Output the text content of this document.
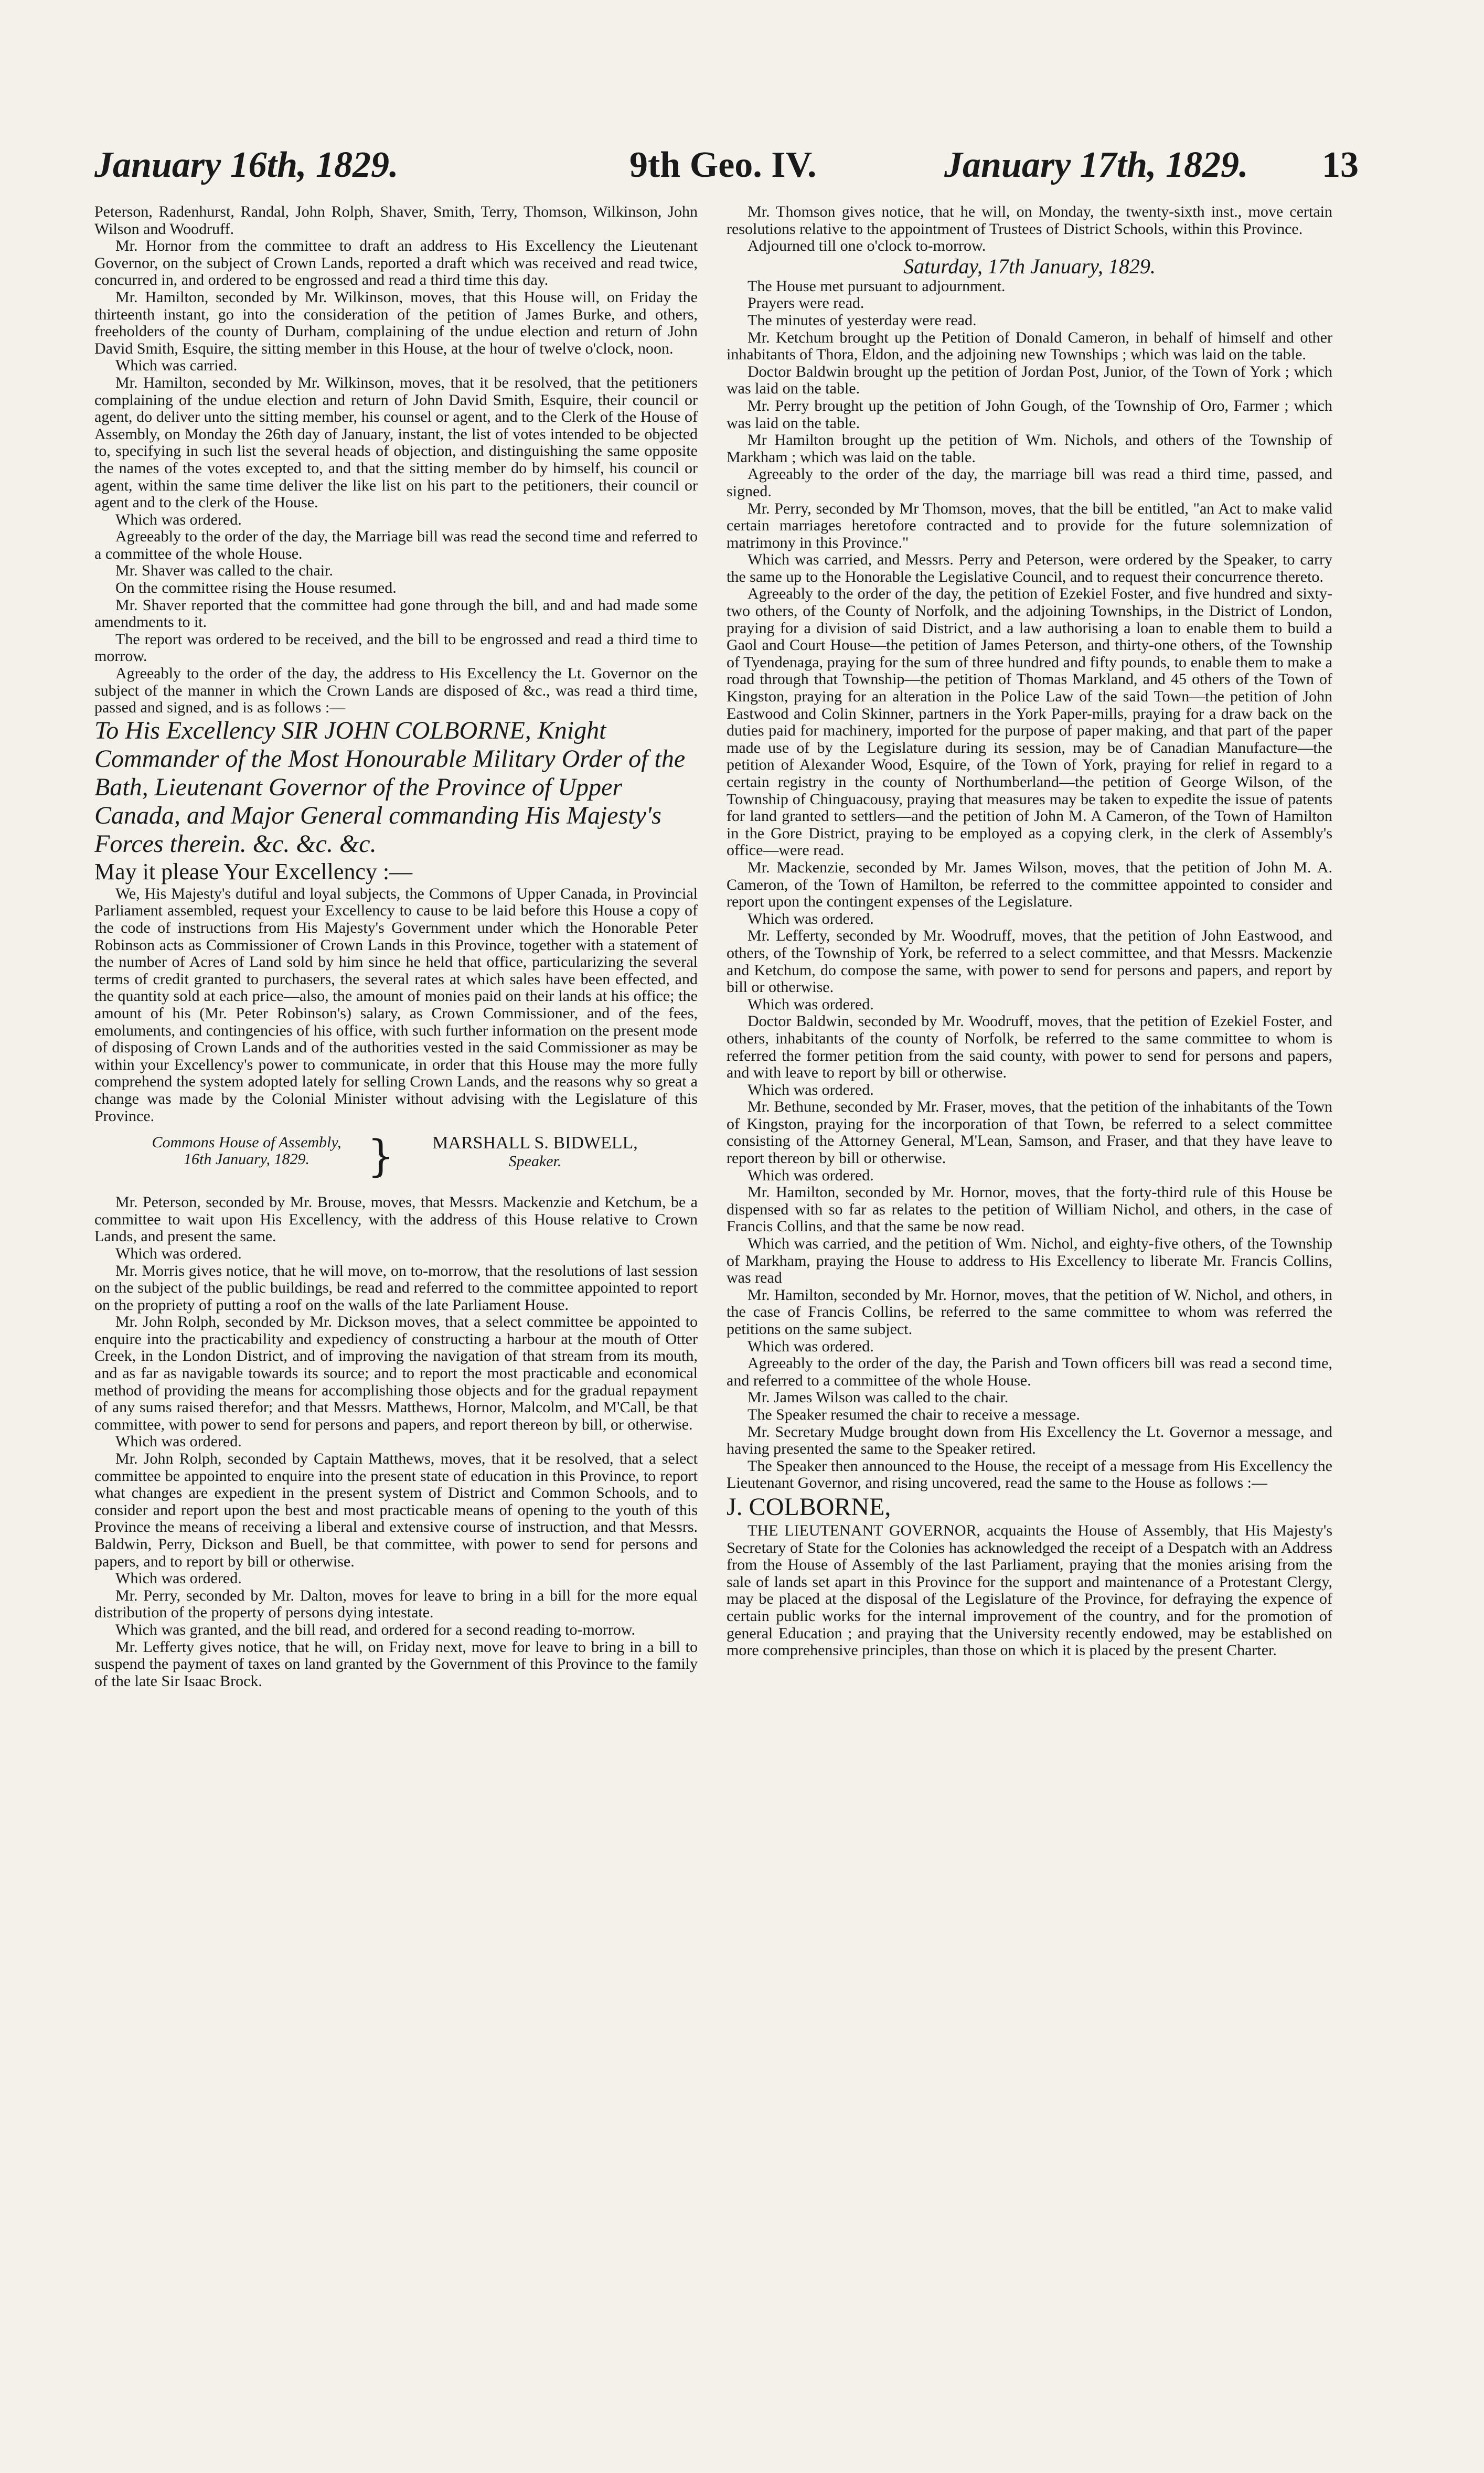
January 16th, 1829.	9th Geo. IV.	January 17th, 1829. 13

Peterson, Radenhurst, Randal, John Rolph, Shaver, Smith, Terry, Thomson, Wilkinson, John Wilson and Woodruff.

Mr. Hornor from the committee to draft an address to His Excellency the Lieutenant Governor, on the subject of Crown Lands, reported a draft which was received and read twice, concurred in, and ordered to be engrossed and read a third time this day.

Mr. Hamilton, seconded by Mr. Wilkinson, moves, that this House will, on Friday the thirteenth instant, go into the consideration of the petition of James Burke, and others, freeholders of the county of Durham, complaining of the undue election and return of John David Smith, Esquire, the sitting member in this House, at the hour of twelve o'clock, noon.

Which was carried.

Mr. Hamilton, seconded by Mr. Wilkinson, moves, that it be resolved, that the petitioners complaining of the undue election and return of John David Smith, Esquire, their council or agent, do deliver unto the sitting member, his counsel or agent, and to the Clerk of the House of Assembly, on Monday the 26th day of January, instant, the list of votes intended to be objected to, specifying in such list the several heads of objection, and distinguishing the same opposite the names of the votes excepted to, and that the sitting member do by himself, his council or agent, within the same time deliver the like list on his part to the petitioners, their council or agent and to the clerk of the House.

Which was ordered.

Agreeably to the order of the day, the Marriage bill was read the second time and referred to a committee of the whole House.

Mr. Shaver was called to the chair.

On the committee rising the House resumed.

Mr. Shaver reported that the committee had gone through the bill, and and had made some amendments to it.

The report was ordered to be received, and the bill to be engrossed and read a third time to morrow.

Agreeably to the order of the day, the address to His Excellency the Lt. Governor on the subject of the manner in which the Crown Lands are disposed of &c., was read a third time, passed and signed, and is as follows :—

To His Excellency SIR JOHN COLBORNE, Knight Commander of the Most Honourable Military Order of the Bath, Lieutenant Governor of the Province of Upper Canada, and Major General commanding His Majesty's Forces therein. &c. &c. &c.

May it please Your Excellency :—

We, His Majesty's dutiful and loyal subjects, the Commons of Upper Canada, in Provincial Parliament assembled, request your Excellency to cause to be laid before this House a copy of the code of instructions from His Majesty's Government under which the Honorable Peter Robinson acts as Commissioner of Crown Lands in this Province, together with a statement of the number of Acres of Land sold by him since he held that office, particularizing the several terms of credit granted to purchasers, the several rates at which sales have been effected, and the quantity sold at each price—also, the amount of monies paid on their lands at his office; the amount of his (Mr. Peter Robinson's) salary, as Crown Commissioner, and of the fees, emoluments, and contingencies of his office, with such further information on the present mode of disposing of Crown Lands and of the authorities vested in the said Commissioner as may be within your Excellency's power to communicate, in order that this House may the more fully comprehend the system adopted lately for selling Crown Lands, and the reasons why so great a change was made by the Colonial Minister without advising with the Legislature of this Province.

Commons House of Assembly,
16th January, 1829.	}	MARSHALL S. BIDWELL,
Speaker.

Mr. Peterson, seconded by Mr. Brouse, moves, that Messrs. Mackenzie and Ketchum, be a committee to wait upon His Excellency, with the address of this House relative to Crown Lands, and present the same.

Which was ordered.

Mr. Morris gives notice, that he will move, on to-morrow, that the resolutions of last session on the subject of the public buildings, be read and referred to the committee appointed to report on the propriety of putting a roof on the walls of the late Parliament House.

Mr. John Rolph, seconded by Mr. Dickson moves, that a select committee be appointed to enquire into the practicability and expediency of constructing a harbour at the mouth of Otter Creek, in the London District, and of improving the navigation of that stream from its mouth, and as far as navigable towards its source; and to report the most practicable and economical method of providing the means for accomplishing those objects and for the gradual repayment of any sums raised therefor; and that Messrs. Matthews, Hornor, Malcolm, and M'Call, be that committee, with power to send for persons and papers, and report thereon by bill, or otherwise.

Which was ordered.

Mr. John Rolph, seconded by Captain Matthews, moves, that it be resolved, that a select committee be appointed to enquire into the present state of education in this Province, to report what changes are expedient in the present system of District and Common Schools, and to consider and report upon the best and most practicable means of opening to the youth of this Province the means of receiving a liberal and extensive course of instruction, and that Messrs. Baldwin, Perry, Dickson and Buell, be that committee, with power to send for persons and papers, and to report by bill or otherwise.

Which was ordered.

Mr. Perry, seconded by Mr. Dalton, moves for leave to bring in a bill for the more equal distribution of the property of persons dying intestate.

Which was granted, and the bill read, and ordered for a second reading to-morrow.

Mr. Lefferty gives notice, that he will, on Friday next, move for leave to bring in a bill to suspend the payment of taxes on land granted by the Government of this Province to the family of the late Sir Isaac Brock.

Mr. Thomson gives notice, that he will, on Monday, the twenty-sixth inst., move certain resolutions relative to the appointment of Trustees of District Schools, within this Province.

Adjourned till one o'clock to-morrow.

Saturday, 17th January, 1829.

The House met pursuant to adjournment.

Prayers were read.

The minutes of yesterday were read.

Mr. Ketchum brought up the Petition of Donald Cameron, in behalf of himself and other inhabitants of Thora, Eldon, and the adjoining new Townships ; which was laid on the table.

Doctor Baldwin brought up the petition of Jordan Post, Junior, of the Town of York ; which was laid on the table.

Mr. Perry brought up the petition of John Gough, of the Township of Oro, Farmer ; which was laid on the table.

Mr Hamilton brought up the petition of Wm. Nichols, and others of the Township of Markham ; which was laid on the table.

Agreeably to the order of the day, the marriage bill was read a third time, passed, and signed.

Mr. Perry, seconded by Mr Thomson, moves, that the bill be entitled, "an Act to make valid certain marriages heretofore contracted and to provide for the future solemnization of matrimony in this Province."

Which was carried, and Messrs. Perry and Peterson, were ordered by the Speaker, to carry the same up to the Honorable the Legislative Council, and to request their concurrence thereto.

Agreeably to the order of the day, the petition of Ezekiel Foster, and five hundred and sixty-two others, of the County of Norfolk, and the adjoining Townships, in the District of London, praying for a division of said District, and a law authorising a loan to enable them to build a Gaol and Court House—the petition of James Peterson, and thirty-one others, of the Township of Tyendenaga, praying for the sum of three hundred and fifty pounds, to enable them to make a road through that Township—the petition of Thomas Markland, and 45 others of the Town of Kingston, praying for an alteration in the Police Law of the said Town—the petition of John Eastwood and Colin Skinner, partners in the York Paper-mills, praying for a draw back on the duties paid for machinery, imported for the purpose of paper making, and that part of the paper made use of by the Legislature during its session, may be of Canadian Manufacture—the petition of Alexander Wood, Esquire, of the Town of York, praying for relief in regard to a certain registry in the county of Northumberland—the petition of George Wilson, of the Township of Chinguacousy, praying that measures may be taken to expedite the issue of patents for land granted to settlers—and the petition of John M. A Cameron, of the Town of Hamilton in the Gore District, praying to be employed as a copying clerk, in the clerk of Assembly's office—were read.

Mr. Mackenzie, seconded by Mr. James Wilson, moves, that the petition of John M. A. Cameron, of the Town of Hamilton, be referred to the committee appointed to consider and report upon the contingent expenses of the Legislature.

Which was ordered.

Mr. Lefferty, seconded by Mr. Woodruff, moves, that the petition of John Eastwood, and others, of the Township of York, be referred to a select committee, and that Messrs. Mackenzie and Ketchum, do compose the same, with power to send for persons and papers, and report by bill or otherwise.

Which was ordered.

Doctor Baldwin, seconded by Mr. Woodruff, moves, that the petition of Ezekiel Foster, and others, inhabitants of the county of Norfolk, be referred to the same committee to whom is referred the former petition from the said county, with power to send for persons and papers, and with leave to report by bill or otherwise.

Which was ordered.

Mr. Bethune, seconded by Mr. Fraser, moves, that the petition of the inhabitants of the Town of Kingston, praying for the incorporation of that Town, be referred to a select committee consisting of the Attorney General, M'Lean, Samson, and Fraser, and that they have leave to report thereon by bill or otherwise.

Which was ordered.

Mr. Hamilton, seconded by Mr. Hornor, moves, that the forty-third rule of this House be dispensed with so far as relates to the petition of William Nichol, and others, in the case of Francis Collins, and that the same be now read.

Which was carried, and the petition of Wm. Nichol, and eighty-five others, of the Township of Markham, praying the House to address to His Excellency to liberate Mr. Francis Collins, was read

Mr. Hamilton, seconded by Mr. Hornor, moves, that the petition of W. Nichol, and others, in the case of Francis Collins, be referred to the same committee to whom was referred the petitions on the same subject.

Which was ordered.

Agreeably to the order of the day, the Parish and Town officers bill was read a second time, and referred to a committee of the whole House.

Mr. James Wilson was called to the chair.

The Speaker resumed the chair to receive a message.

Mr. Secretary Mudge brought down from His Excellency the Lt. Governor a message, and having presented the same to the Speaker retired.

The Speaker then announced to the House, the receipt of a message from His Excellency the Lieutenant Governor, and rising uncovered, read the same to the House as follows :—

J. COLBORNE,

THE LIEUTENANT GOVERNOR, acquaints the House of Assembly, that His Majesty's Secretary of State for the Colonies has acknowledged the receipt of a Despatch with an Address from the House of Assembly of the last Parliament, praying that the monies arising from the sale of lands set apart in this Province for the support and maintenance of a Protestant Clergy, may be placed at the disposal of the Legislature of the Province, for defraying the expence of certain public works for the internal improvement of the country, and for the promotion of general Education ; and praying that the University recently endowed, may be established on more comprehensive principles, than those on which it is placed by the present Charter.
